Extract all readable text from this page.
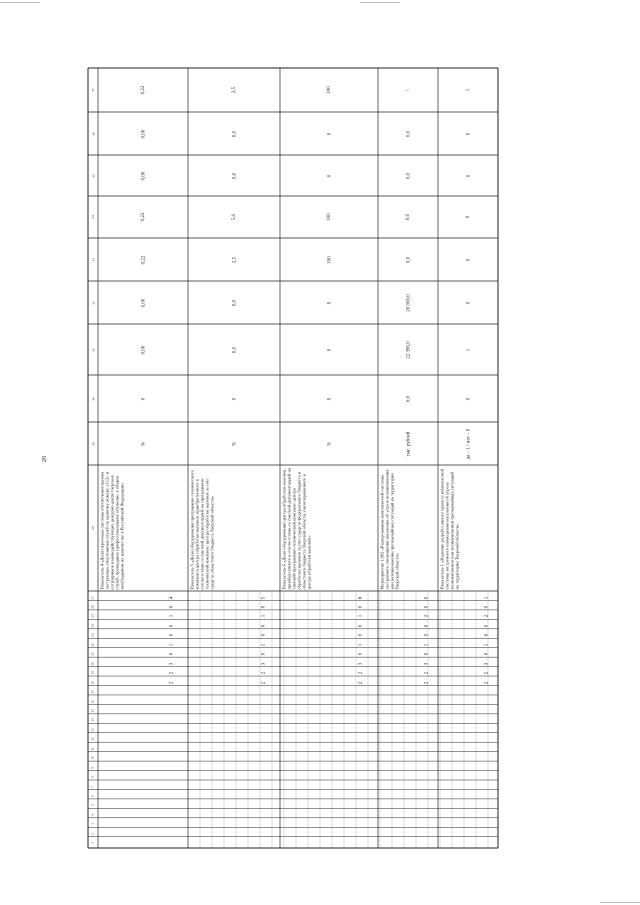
20
30
31
32
33
34
35
36
37
29
28
1
2
3
4
5
6
7
8
9
10
11
12
13
14
15
16
17
18
19
20
21
22
23
24
25
26
27
0
0,00
0,00
0,22
0,22
0,00
0,00
0,22
%
Показатель 4 «Доля персонала системы обеспечения вызова экстренных оперативных служб по единому номеру «112» и сотрудников взаимодействующих дежурно-диспетчерских служб, прошедших профессиональное обучение, в общем необходимом их количестве в Российской Федерации»
2
2
3
0
1
0
0
1
0
4
0
0,0
0,0
2,5
5,0
0,0
0,0
2,5
%
Показатель 5 «Доля оборудования программно-технического комплекса центра обработки вызовов, приобретенного в соответствии со сметной документацией на программно-технический комплекс центра обработки вызовов за счет средств областного бюджета Тверской области»
2
2
3
0
1
0
0
1
0
5
0
0
0
100
100
0
0
100
%
Показатель 6 «Доля оборудования центра обработки вызовов, приобретенного в соответствии со сметной документацией на типовой программно-технический комплекс центра обработки вызовов за счет средств федерального бюджета и областного бюджета Тверской области, смонтированного в центре обработки вызовов»
2
2
3
0
1
0
0
1
0
6
0,0
22 390,0
20 000,0
0,0
0,0
0,0
0,0
\
тыс. рублей
Мероприятие 1.002 «Развертывание комплексной системы экстренного оповещения населения об угрозе возникновения или возникновении чрезвычайных ситуаций на территории Тверской области»
2
2
3
0
1
0
0
2
0
0
0
1
0
0
0
0
0
1
да – 1 / нет – 0
Показатель 1 «Наличие разработанного проекта комплексной системы экстренного оповещения населения об угрозе возникновения или возникновении чрезвычайных ситуаций на территории Тверской области»
2
2
3
0
1
0
0
2
0
1
